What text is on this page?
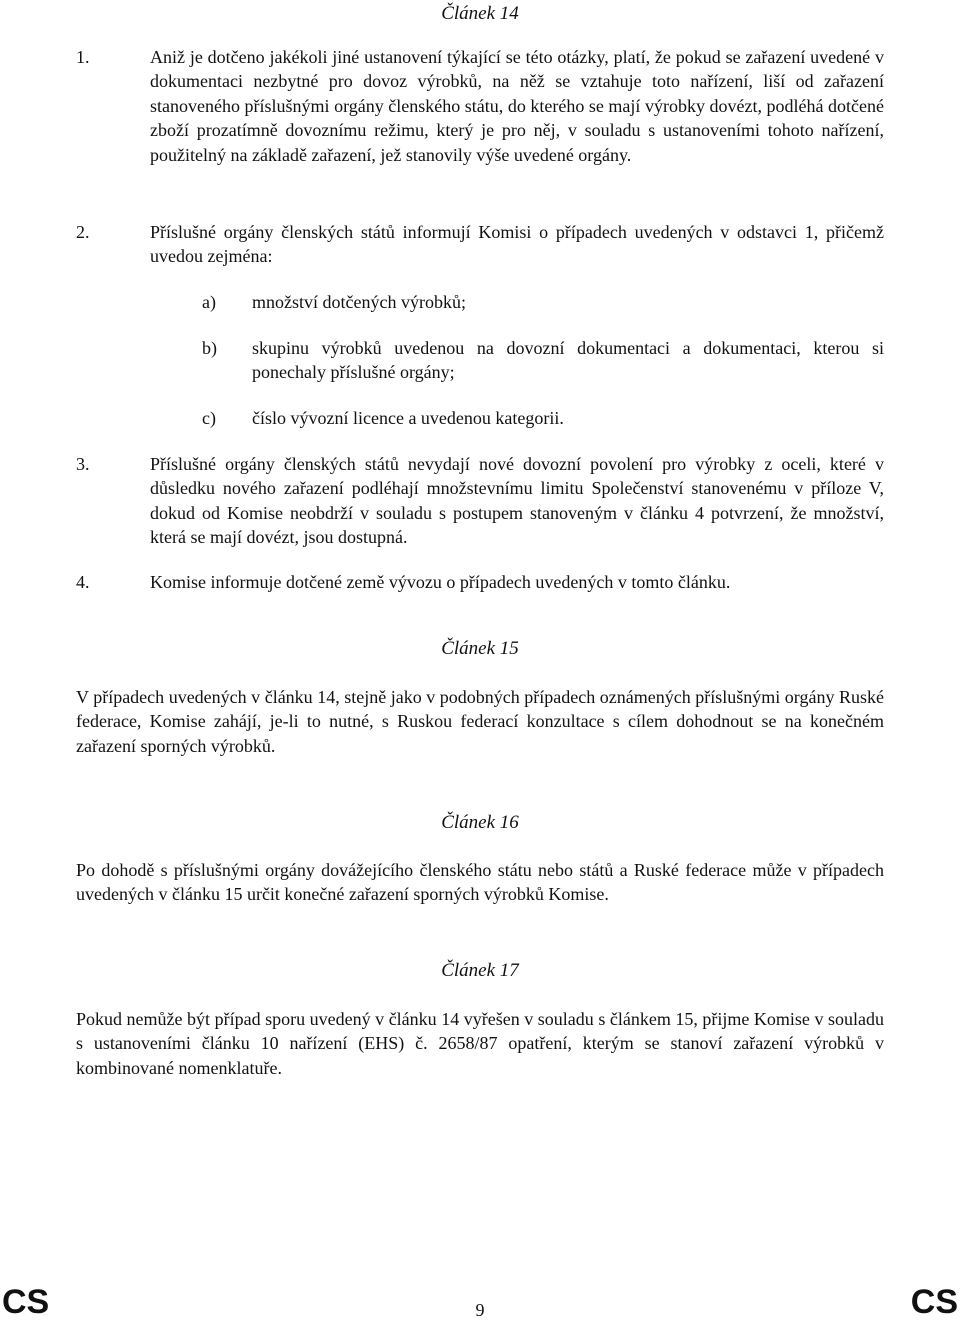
Článek 14
1.	Aniž je dotčeno jakékoli jiné ustanovení týkající se této otázky, platí, že pokud se zařazení uvedené v dokumentaci nezbytné pro dovoz výrobků, na něž se vztahuje toto nařízení, liší od zařazení stanoveného příslušnými orgány členského státu, do kterého se mají výrobky dovézt, podléhá dotčené zboží prozatímně dovoznímu režimu, který je pro něj, v souladu s ustanoveními tohoto nařízení, použitelný na základě zařazení, jež stanovily výše uvedené orgány.

2.	Příslušné orgány členských států informují Komisi o případech uvedených v odstavci 1, přičemž uvedou zejména:

a) množství dotčených výrobků;

b) skupinu výrobků uvedenou na dovozní dokumentaci a dokumentaci, kterou si ponechaly příslušné orgány;

c) číslo vývozní licence a uvedenou kategorii.

3.	Příslušné orgány členských států nevydají nové dovozní povolení pro výrobky z oceli, které v důsledku nového zařazení podléhají množstevnímu limitu Společenství stanovenému v příloze V, dokud od Komise neobdrží v souladu s postupem stanoveným v článku 4 potvrzení, že množství, která se mají dovézt, jsou dostupná.

4.	Komise informuje dotčené země vývozu o případech uvedených v tomto článku.

Článek 15

V případech uvedených v článku 14, stejně jako v podobných případech oznámených příslušnými orgány Ruské federace, Komise zahájí, je-li to nutné, s Ruskou federací konzultace s cílem dohodnout se na konečném zařazení sporných výrobků.

Článek 16

Po dohodě s příslušnými orgány dovážejícího členského státu nebo států a Ruské federace může v případech uvedených v článku 15 určit konečné zařazení sporných výrobků Komise.

Článek 17

Pokud nemůže být případ sporu uvedený v článku 14 vyřešen v souladu s článkem 15, přijme Komise v souladu s ustanoveními článku 10 nařízení (EHS) č. 2658/87 opatření, kterým se stanoví zařazení výrobků v kombinované nomenklatuře.

CS	9	CS
